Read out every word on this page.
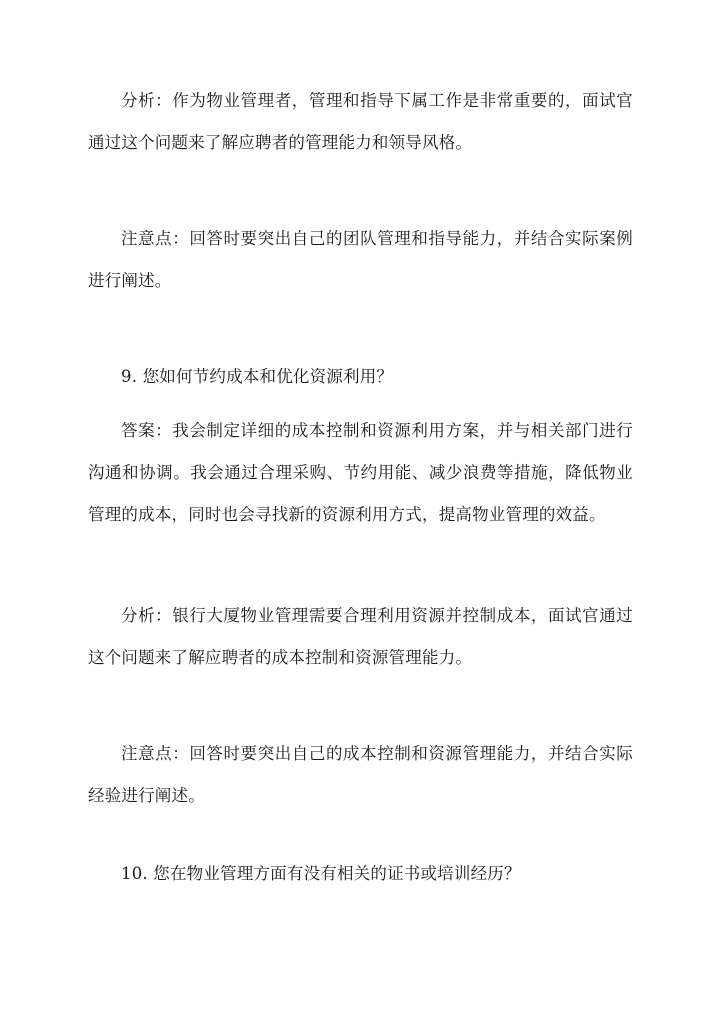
分析：作为物业管理者，管理和指导下属工作是非常重要的，面试官通过这个问题来了解应聘者的管理能力和领导风格。

注意点：回答时要突出自己的团队管理和指导能力，并结合实际案例进行阐述。

9. 您如何节约成本和优化资源利用？

答案：我会制定详细的成本控制和资源利用方案，并与相关部门进行沟通和协调。我会通过合理采购、节约用能、减少浪费等措施，降低物业管理的成本，同时也会寻找新的资源利用方式，提高物业管理的效益。

分析：银行大厦物业管理需要合理利用资源并控制成本，面试官通过这个问题来了解应聘者的成本控制和资源管理能力。

注意点：回答时要突出自己的成本控制和资源管理能力，并结合实际经验进行阐述。

10. 您在物业管理方面有没有相关的证书或培训经历？
